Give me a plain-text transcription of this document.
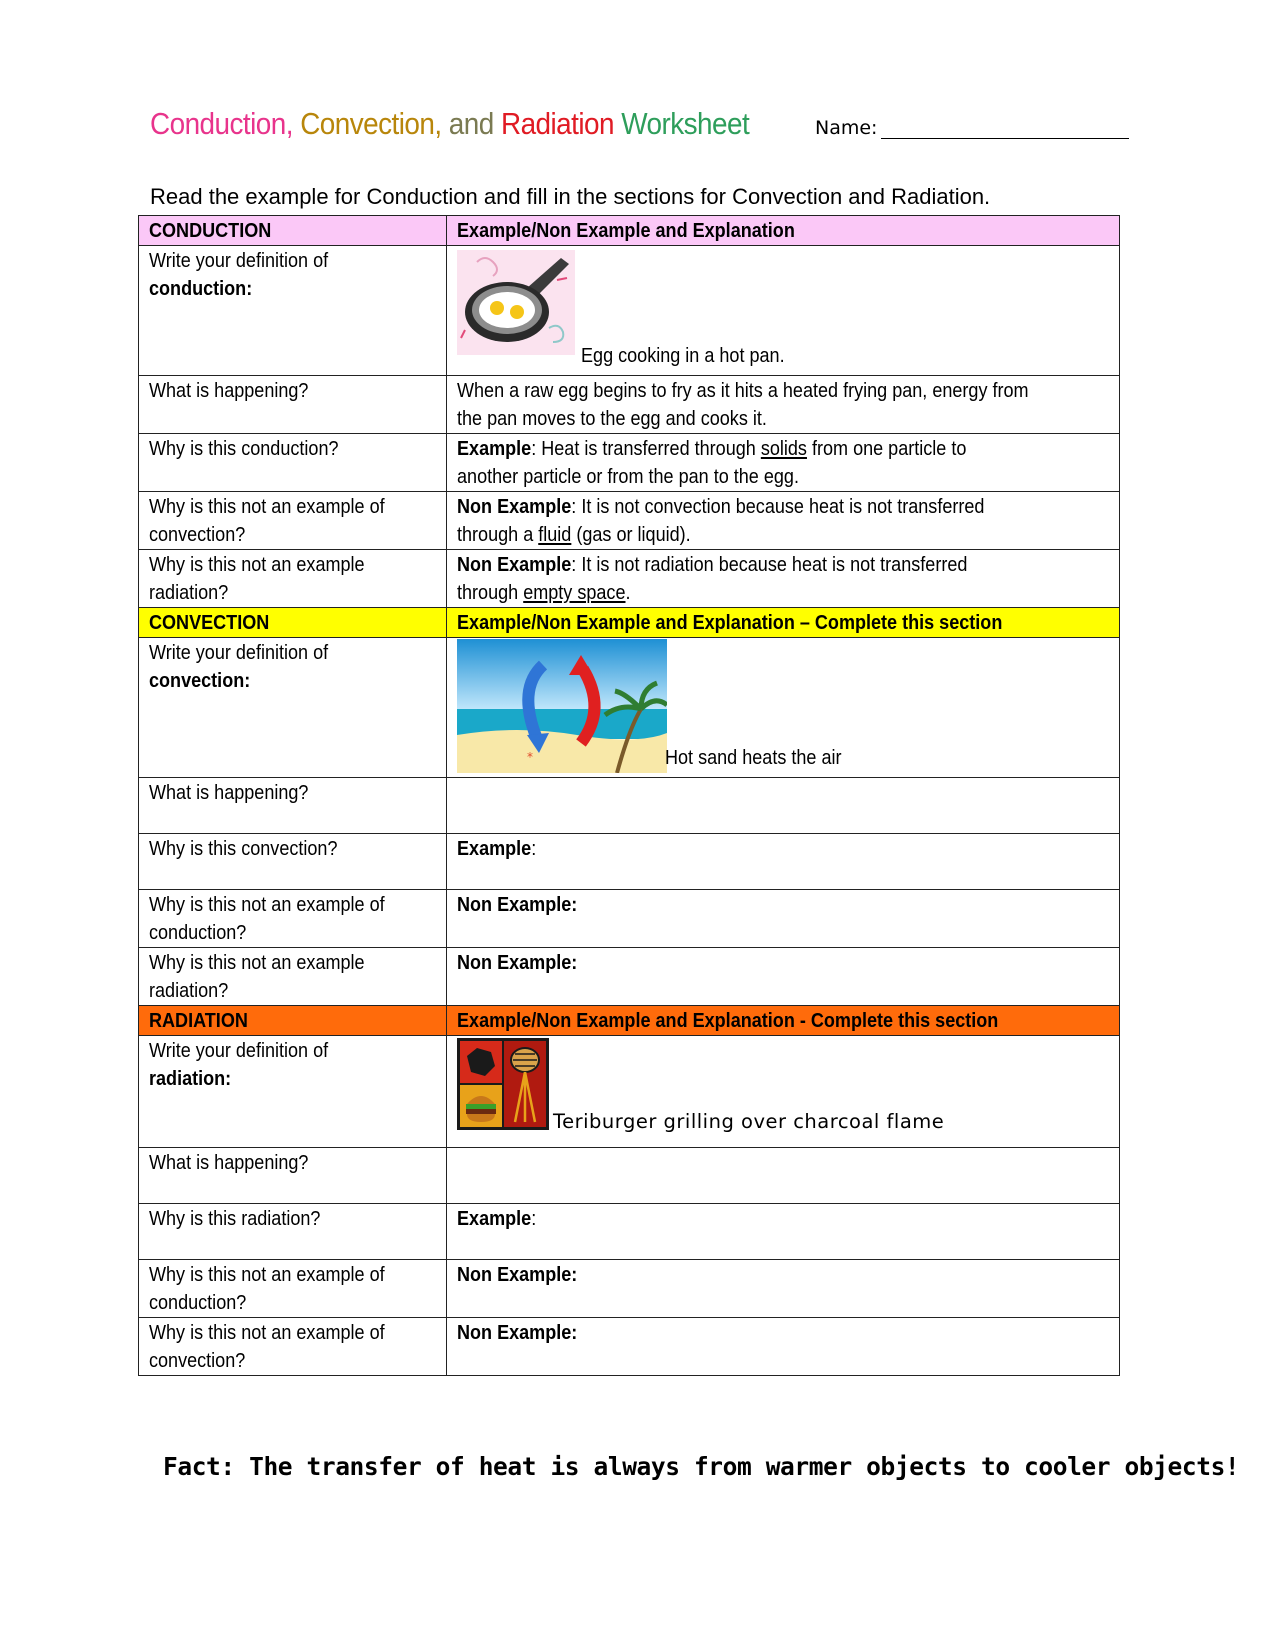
Conduction, Convection, and Radiation Worksheet	Name:
Read the example for Conduction and fill in the sections for Convection and Radiation.
CONDUCTION	Example/Non Example and Explanation
Write your definition of
conduction:	Egg cooking in a hot pan.

What is happening?	When a raw egg begins to fry as it hits a heated frying pan, energy from
the pan moves to the egg and cooks it.
Why is this conduction?	Example: Heat is transferred through solids from one particle to
another particle or from the pan to the egg.
Why is this not an example of
convection?	Non Example: It is not convection because heat is not transferred
through a fluid (gas or liquid).
Why is this not an example
radiation?	Non Example: It is not radiation because heat is not transferred
through empty space.
CONVECTION	Example/Non Example and Explanation – Complete this section
Write your definition of
convection:	* Hot sand heats the air

What is happening?	
Why is this convection?	Example:
Why is this not an example of
conduction?	Non Example:
Why is this not an example
radiation?	Non Example:
RADIATION	Example/Non Example and Explanation - Complete this section
Write your definition of
radiation:	Teriburger grilling over charcoal flame

What is happening?	
Why is this radiation?	Example:
Why is this not an example of
conduction?	Non Example:
Why is this not an example of
convection?	Non Example:
Fact: The transfer of heat is always from warmer objects to cooler objects!
